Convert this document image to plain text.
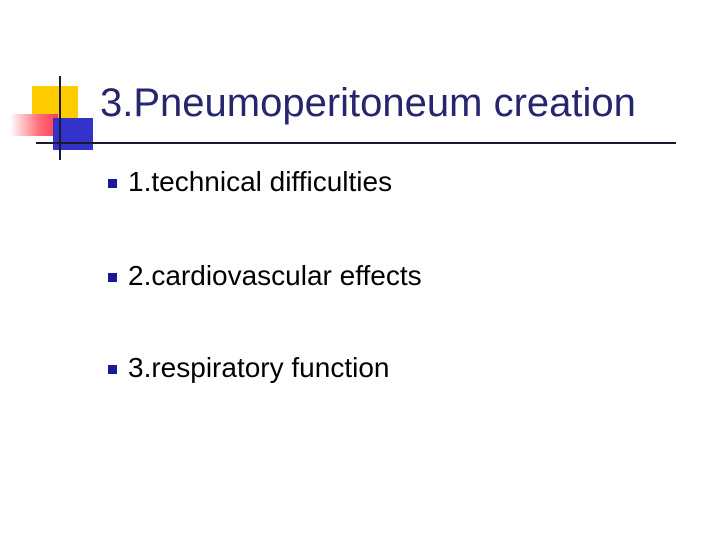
3.Pneumoperitoneum creation
1.technical difficulties
2.cardiovascular effects
3.respiratory function
